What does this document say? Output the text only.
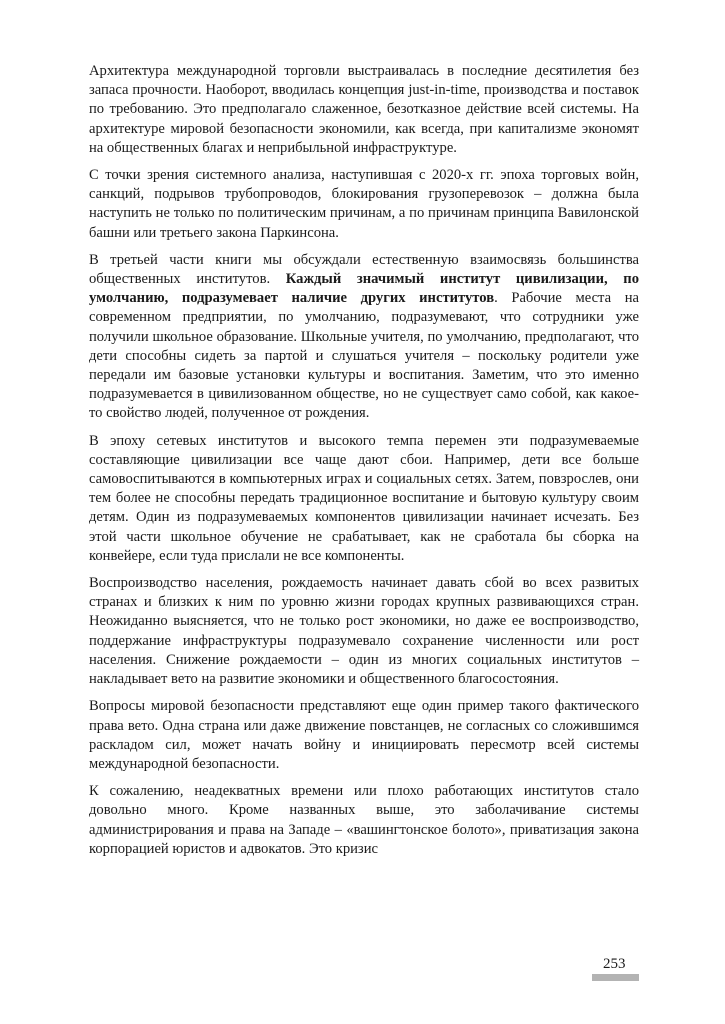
Архитектура международной торговли выстраивалась в последние десятилетия без запаса прочности. Наоборот, вводилась концепция just-in-time, производства и поставок по требованию. Это предполагало слаженное, безотказное действие всей системы. На архитектуре мировой безопасности экономили, как всегда, при капитализме экономят на общественных благах и неприбыльной инфраструктуре.

С точки зрения системного анализа, наступившая с 2020-х гг. эпоха торговых войн, санкций, подрывов трубопроводов, блокирования грузоперевозок – должна была наступить не только по политическим причинам, а по причинам принципа Вавилонской башни или третьего закона Паркинсона.

В третьей части книги мы обсуждали естественную взаимосвязь большинства общественных институтов. Каждый значимый институт цивилизации, по умолчанию, подразумевает наличие других институтов. Рабочие места на современном предприятии, по умолчанию, подразумевают, что сотрудники уже получили школьное образование. Школьные учителя, по умолчанию, предполагают, что дети способны сидеть за партой и слушаться учителя – поскольку родители уже передали им базовые установки культуры и воспитания. Заметим, что это именно подразумевается в цивилизованном обществе, но не существует само собой, как какое-то свойство людей, полученное от рождения.

В эпоху сетевых институтов и высокого темпа перемен эти подразумеваемые составляющие цивилизации все чаще дают сбои. Например, дети все больше самовоспитываются в компьютерных играх и социальных сетях. Затем, повзрослев, они тем более не способны передать традиционное воспитание и бытовую культуру своим детям. Один из подразумеваемых компонентов цивилизации начинает исчезать. Без этой части школьное обучение не срабатывает, как не сработала бы сборка на конвейере, если туда прислали не все компоненты.

Воспроизводство населения, рождаемость начинает давать сбой во всех развитых странах и близких к ним по уровню жизни городах крупных развивающихся стран. Неожиданно выясняется, что не только рост экономики, но даже ее воспроизводство, поддержание инфраструктуры подразумевало сохранение численности или рост населения. Снижение рождаемости – один из многих социальных институтов – накладывает вето на развитие экономики и общественного благосостояния.

Вопросы мировой безопасности представляют еще один пример такого фактического права вето. Одна страна или даже движение повстанцев, не согласных со сложившимся раскладом сил, может начать войну и инициировать пересмотр всей системы международной безопасности.

К сожалению, неадекватных времени или плохо работающих институтов стало довольно много. Кроме названных выше, это заболачивание системы администрирования и права на Западе – «вашингтонское болото», приватизация закона корпорацией юристов и адвокатов. Это кризис

253
